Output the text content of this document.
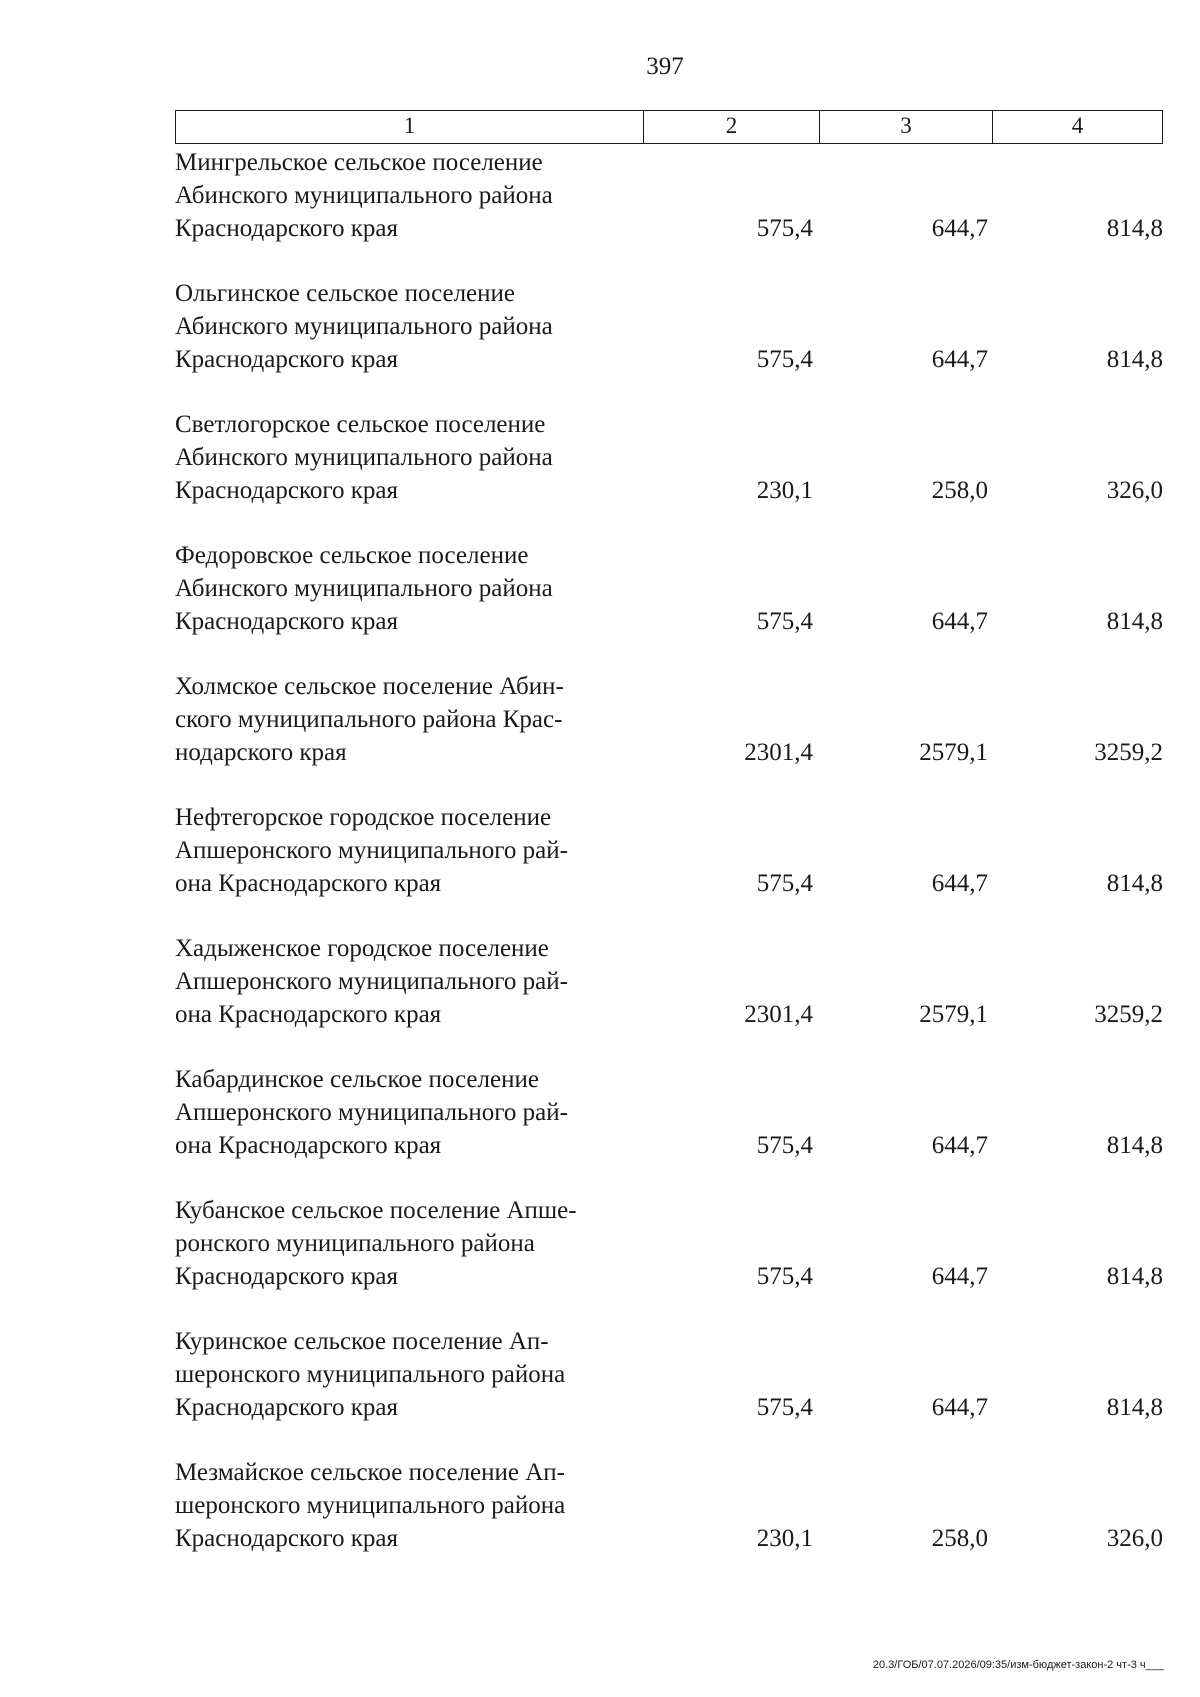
397
1	2	3	4
Мингрельское сельское поселение
Абинского муниципального района
Краснодарского края	575,4	644,7	814,8
Ольгинское сельское поселение
Абинского муниципального района
Краснодарского края	575,4	644,7	814,8
Светлогорское сельское поселение
Абинского муниципального района
Краснодарского края	230,1	258,0	326,0
Федоровское сельское поселение
Абинского муниципального района
Краснодарского края	575,4	644,7	814,8
Холмское сельское поселение Абин-
ского муниципального района Крас-
нодарского края	2301,4	2579,1	3259,2
Нефтегорское городское поселение
Апшеронского муниципального рай-
она Краснодарского края	575,4	644,7	814,8
Хадыженское городское поселение
Апшеронского муниципального рай-
она Краснодарского края	2301,4	2579,1	3259,2
Кабардинское сельское поселение
Апшеронского муниципального рай-
она Краснодарского края	575,4	644,7	814,8
Кубанское сельское поселение Апше-
ронского муниципального района
Краснодарского края	575,4	644,7	814,8
Куринское сельское поселение Ап-
шеронского муниципального района
Краснодарского края	575,4	644,7	814,8
Мезмайское сельское поселение Ап-
шеронского муниципального района
Краснодарского края	230,1	258,0	326,0
20.3/ГОБ/07.07.2026/09:35/изм-бюджет-закон-2 чт-3 ч___
